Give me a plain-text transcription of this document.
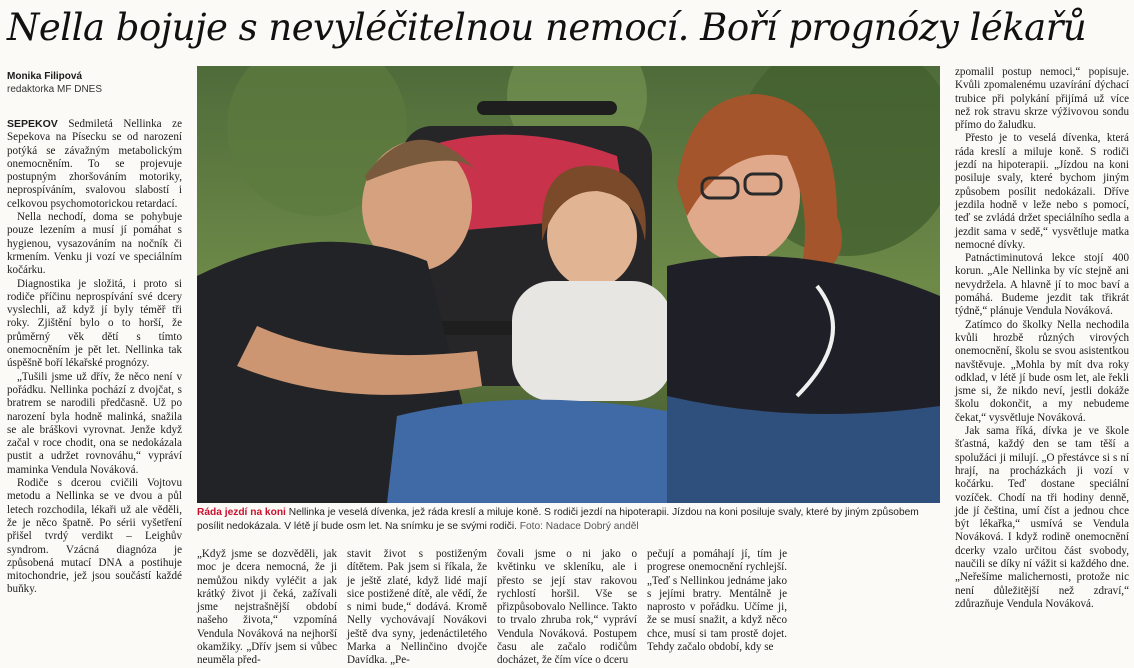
Nella bojuje s nevyléčitelnou nemocí. Boří prognózy lékařů
Monika Filipová
redaktorka MF DNES

SEPEKOV Sedmiletá Nellinka ze Sepekova na Písecku se od narození potýká se závažným metabolickým onemocněním. To se projevuje postupným zhoršováním motoriky, neprospíváním, svalovou slabostí i celkovou psychomotorickou retardací.

Nella nechodí, doma se pohybuje pouze lezením a musí jí pomáhat s hygienou, vysazováním na nočník či krmením. Venku ji vozí ve speciálním kočárku.

Diagnostika je složitá, i proto si rodiče příčinu neprospívání své dcery vyslechli, až když jí byly téměř tři roky. Zjištění bylo o to horší, že průměrný věk dětí s tímto onemocněním je pět let. Nellinka tak úspěšně boří lékařské prognózy.

„Tušili jsme už dřív, že něco není v pořádku. Nellinka pochází z dvojčat, s bratrem se narodili předčasně. Už po narození byla hodně malinká, snažila se ale bráškovi vyrovnat. Jenže když začal v roce chodit, ona se nedokázala pustit a udržet rovnováhu,“ vypráví maminka Vendula Nováková.

Rodiče s dcerou cvičili Vojtovu metodu a Nellinka se ve dvou a půl letech rozchodila, lékaři už ale věděli, že je něco špatně. Po sérii vyšetření přišel tvrdý verdikt – Leighův syndrom. Vzácná diagnóza je způsobená mutací DNA a postihuje mitochondrie, jež jsou součástí každé buňky.

Ráda jezdí na koni Nellinka je veselá dívenka, jež ráda kreslí a miluje koně. S rodiči jezdí na hipoterapii. Jízdou na koni posiluje svaly, které by jiným způsobem posílit nedokázala. V létě jí bude osm let. Na snímku je se svými rodiči. Foto: Nadace Dobrý anděl

„Když jsme se dozvěděli, jak moc je dcera nemocná, že ji nemůžou nikdy vyléčit a jak krátký život ji čeká, zažívali jsme nejstrašnější období našeho života,“ vzpomíná Vendula Nováková na nejhorší okamžiky. „Dřív jsem si vůbec neuměla před-

stavit život s postiženým dítětem. Pak jsem si říkala, že je ještě zlaté, když lidé mají sice postižené dítě, ale vědí, že s nimi bude,“ dodává. Kromě Nelly vychovávají Novákovi ještě dva syny, jedenáctiletého Marka a Nellinčino dvojče Davídka. „Pe-

čovali jsme o ni jako o květinku ve skleníku, ale i přesto se její stav rakovou rychlostí horšil. Vše se přizpůsobovalo Nellince. Takto to trvalo zhruba rok,“ vypráví Vendula Nováková. Postupem času ale začalo rodičům docházet, že čím více o dceru

pečují a pomáhají jí, tím je progrese onemocnění rychlejší. „Teď s Nellinkou jednáme jako s jejími bratry. Mentálně je naprosto v pořádku. Učíme ji, že se musí snažit, a když něco chce, musí si tam prostě dojet. Tehdy začalo období, kdy se

zpomalil postup nemoci,“ popisuje. Kvůli zpomalenému uzavírání dýchací trubice při polykání přijímá už více než rok stravu skrze výživovou sondu přímo do žaludku.

Přesto je to veselá dívenka, která ráda kreslí a miluje koně. S rodiči jezdí na hipoterapii. „Jízdou na koni posiluje svaly, které bychom jiným způsobem posílit nedokázali. Dříve jezdila hodně v leže nebo s pomocí, teď se zvládá držet speciálního sedla a jezdit sama v sedě,“ vysvětluje matka nemocné dívky.

Patnáctiminutová lekce stojí 400 korun. „Ale Nellinka by víc stejně ani nevydržela. A hlavně jí to moc baví a pomáhá. Budeme jezdit tak třikrát týdně,“ plánuje Vendula Nováková.

Zatímco do školky Nella nechodila kvůli hrozbě různých virových onemocnění, školu se svou asistentkou navštěvuje. „Mohla by mít dva roky odklad, v létě jí bude osm let, ale řekli jsme si, že nikdo neví, jestli dokáže školu dokončit, a my nebudeme čekat,“ vysvětluje Nováková.

Jak sama říká, dívka je ve škole šťastná, každý den se tam těší a spolužáci ji milují. „O přestávce si s ní hrají, na procházkách ji vozí v kočárku. Teď dostane speciální vozíček. Chodí na tři hodiny denně, jde jí čeština, umí číst a jednou chce být lékařka,“ usmívá se Vendula Nováková. I když rodině onemocnění dcerky vzalo určitou část svobody, naučili se díky ní vážit si každého dne. „Neřešíme malichernosti, protože nic není důležitější než zdraví,“ zdůrazňuje Vendula Nováková.
